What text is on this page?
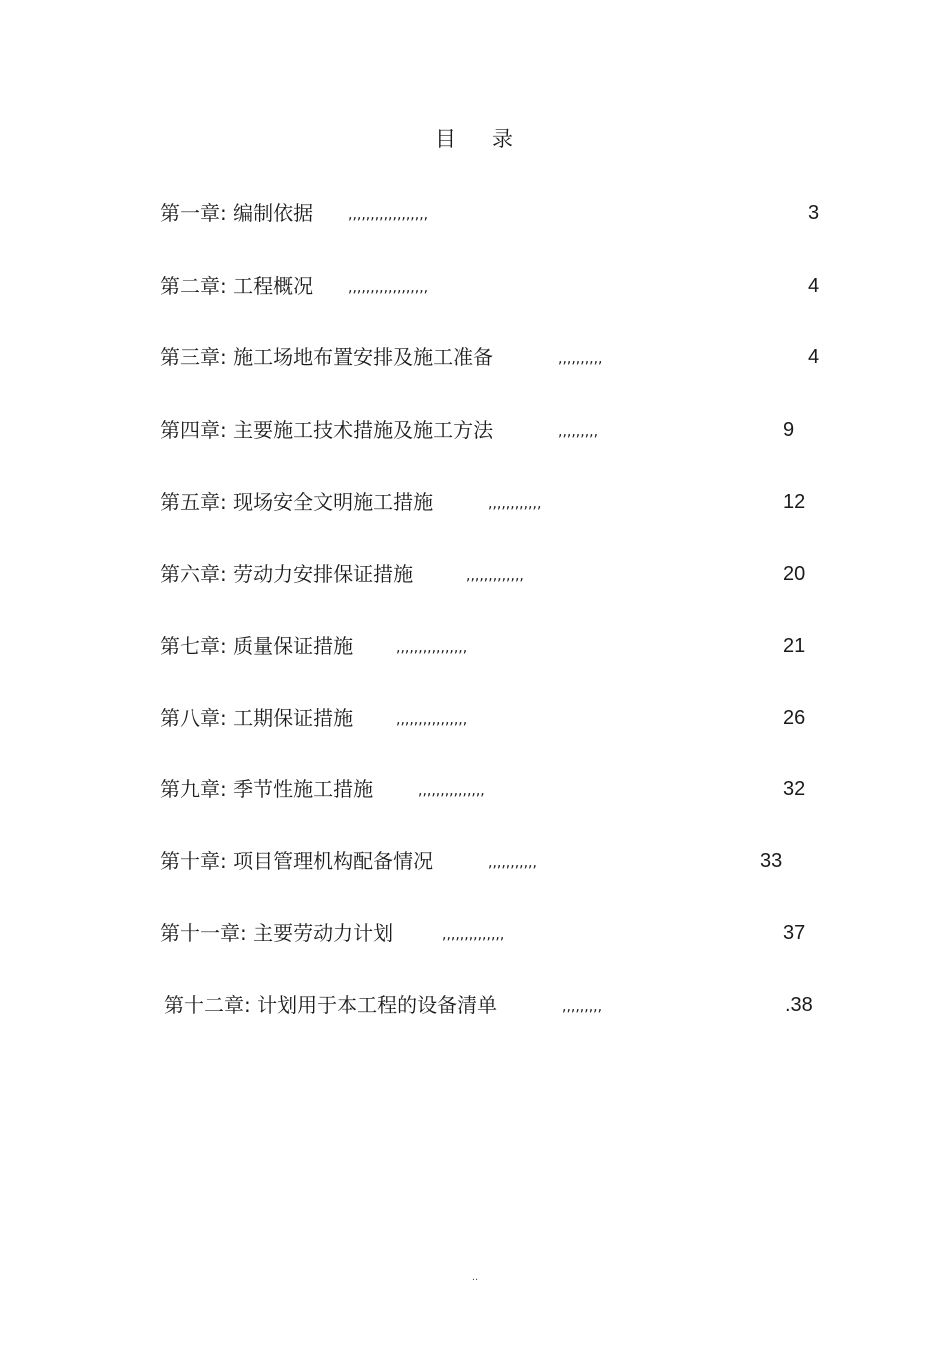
目 录
第一章: 编制依据 ,,,,,,,,,,,,,,,,,,	3
第二章: 工程概况 ,,,,,,,,,,,,,,,,,,	4
第三章: 施工场地布置安排及施工准备	,,,,,,,,,,	4
第四章: 主要施工技术措施及施工方法	,,,,,,,,,	9
第五章: 现场安全文明施工措施	,,,,,,,,,,,,	12
第六章: 劳动力安排保证措施	,,,,,,,,,,,,,	20
第七章: 质量保证措施	,,,,,,,,,,,,,,,,	21
第八章: 工期保证措施	,,,,,,,,,,,,,,,,	26
第九章: 季节性施工措施	,,,,,,,,,,,,,,,	32
第十章: 项目管理机构配备情况	,,,,,,,,,,,	33
第十一章: 主要劳动力计划	,,,,,,,,,,,,,,	37
第十二章: 计划用于本工程的设备清单	,,,,,,,,,	.38
..
